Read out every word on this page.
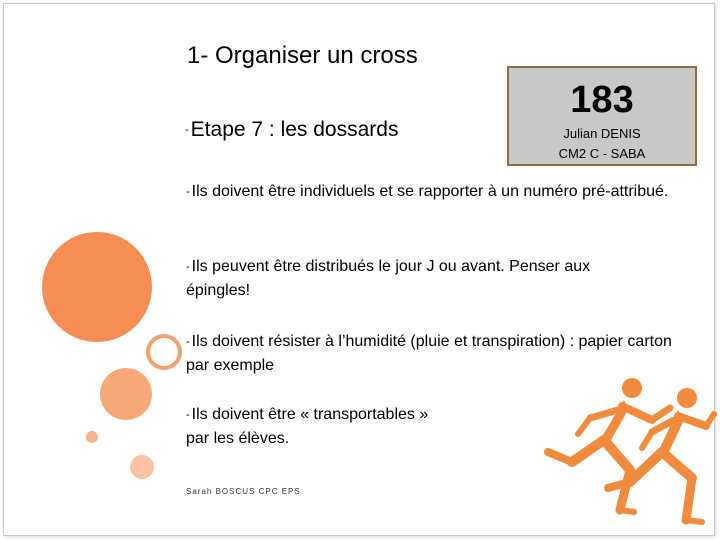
1- Organiser un cross
-Etape 7 : les dossards
183
Julian DENIS
CM2 C - SABA
- Ils doivent être individuels et se rapporter à un numéro pré-attribué.
- Ils peuvent être distribués le jour J ou avant. Penser aux épingles!
- Ils doivent résister à l’humidité (pluie et transpiration) : papier carton par exemple
- Ils doivent être « transportables »
par les élèves.
Sarah BOSCUS CPC EPS
